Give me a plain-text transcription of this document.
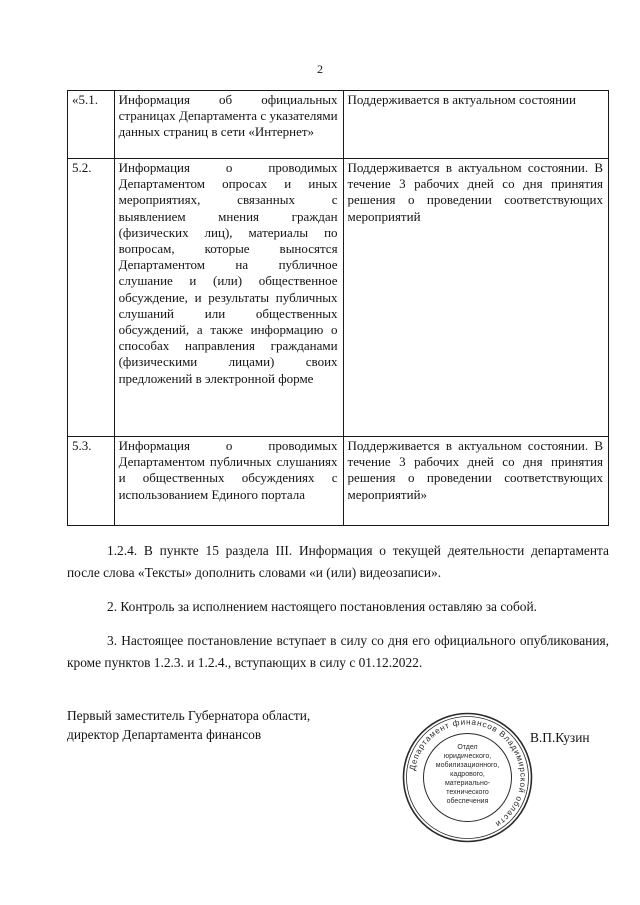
2
«5.1.	Информация об официальных страницах Департамента с указателями данных страниц в сети «Интернет»	Поддерживается в актуальном состоянии
5.2.	Информация о проводимых Департаментом опросах и иных мероприятиях, связанных с выявлением мнения граждан (физических лиц), материалы по вопросам, которые выносятся Департаментом на публичное слушание и (или) общественное обсуждение, и результаты публичных слушаний или общественных обсуждений, а также информацию о способах направления гражданами (физическими лицами) своих предложений в электронной форме	Поддерживается в актуальном состоянии. В течение 3 рабочих дней со дня принятия решения о проведении соответствующих мероприятий
5.3.	Информация о проводимых Департаментом публичных слушаниях и общественных обсуждениях с использованием Единого портала	Поддерживается в актуальном состоянии. В течение 3 рабочих дней со дня принятия решения о проведении соответствующих мероприятий»
1.2.4. В пункте 15 раздела III. Информация о текущей деятельности департамента после слова «Тексты» дополнить словами «и (или) видеозаписи».
2. Контроль за исполнением настоящего постановления оставляю за собой.
3. Настоящее постановление вступает в силу со дня его официального опубликования, кроме пунктов 1.2.3. и 1.2.4., вступающих в силу с 01.12.2022.
Первый заместитель Губернатора области,
директор Департамента финансов
Департамент финансов Владимирской области
Отдел
юридического,
мобилизационного,
кадрового,
материально-
технического
обеспечения
В.П.Кузин
